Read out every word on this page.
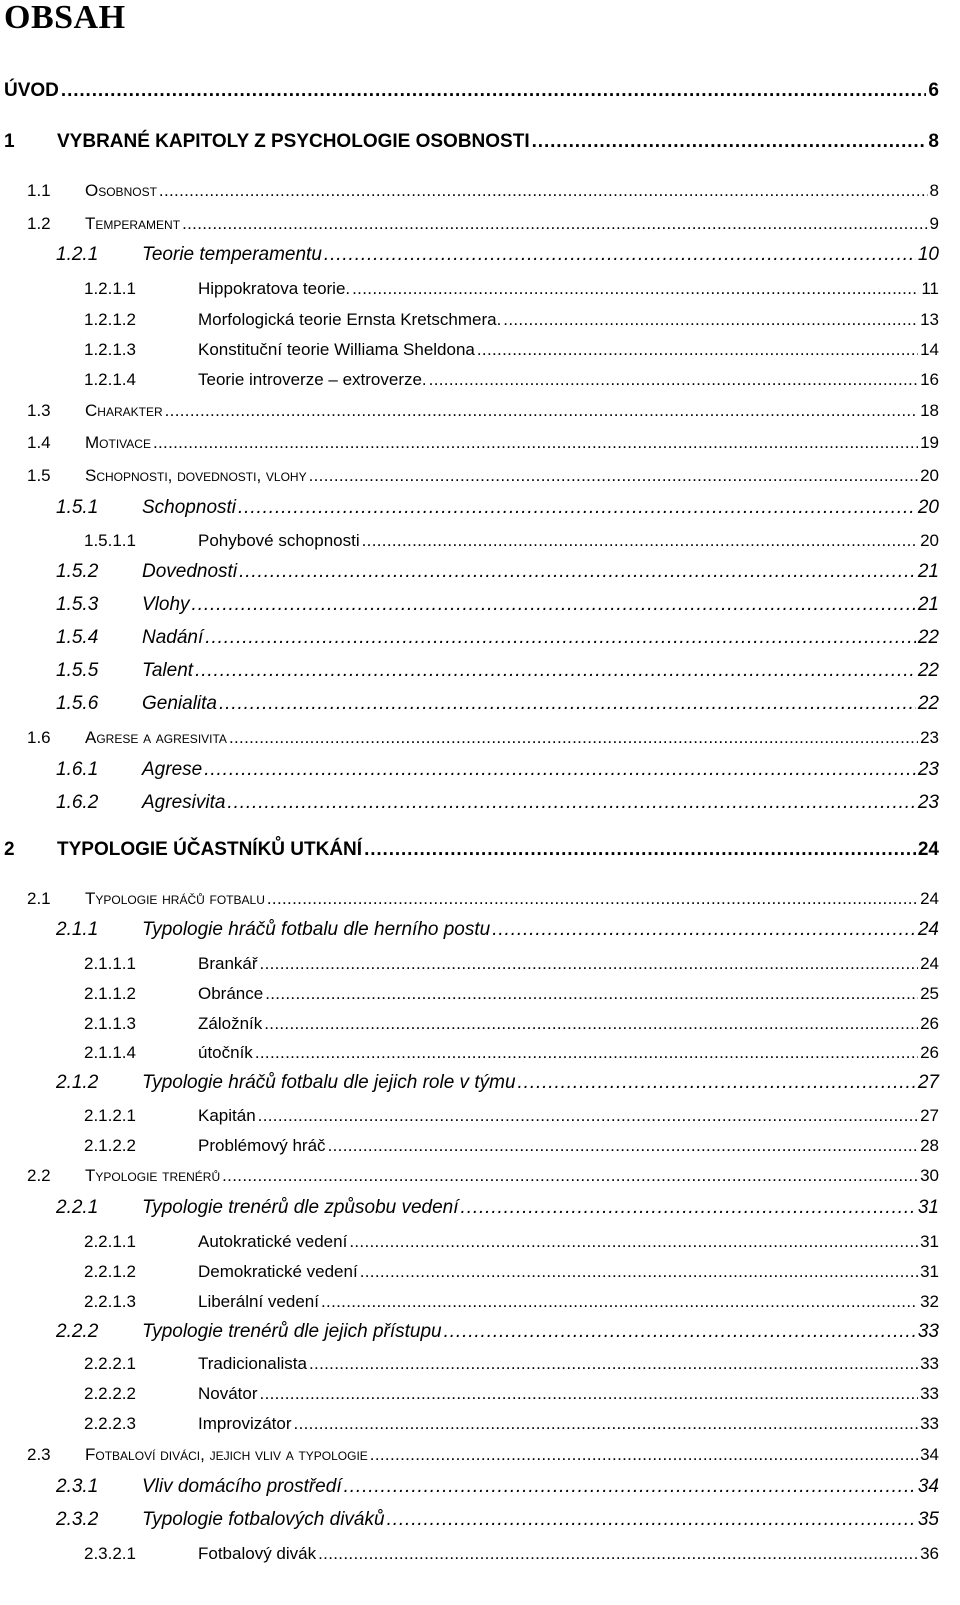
OBSAH
ÚVOD . . .	6
1	VYBRANÉ KAPITOLY Z PSYCHOLOGIE OSOBNOSTI . . .	8
1.1	Osobnost . . .	8
1.2	Temperament . . .	9
1.2.1	Teorie temperamentu . . .	10
1.2.1.1	Hippokratova teorie. . . .	11
1.2.1.2	Morfologická teorie Ernsta Kretschmera. . . .	13
1.2.1.3	Konstituční teorie Williama Sheldona . . .	14
1.2.1.4	Teorie introverze – extroverze. . . .	16
1.3	Charakter . . .	18
1.4	Motivace . . .	19
1.5	Schopnosti, dovednosti, vlohy . . .	20
1.5.1	Schopnosti . . .	20
1.5.1.1	Pohybové schopnosti . . .	20
1.5.2	Dovednosti . . .	21
1.5.3	Vlohy . . .	21
1.5.4	Nadání . . .	22
1.5.5	Talent . . .	22
1.5.6	Genialita . . .	22
1.6	Agrese a agresivita . . .	23
1.6.1	Agrese . . .	23
1.6.2	Agresivita . . .	23
2	TYPOLOGIE ÚČASTNÍKŮ UTKÁNÍ . . .	24
2.1	Typologie hráčů fotbalu . . .	24
2.1.1	Typologie hráčů fotbalu dle herního postu . . .	24
2.1.1.1	Brankář . . .	24
2.1.1.2	Obránce . . .	25
2.1.1.3	Záložník . . .	26
2.1.1.4	útočník . . .	26
2.1.2	Typologie hráčů fotbalu dle jejich role v týmu . . .	27
2.1.2.1	Kapitán . . .	27
2.1.2.2	Problémový hráč . . .	28
2.2	Typologie trenérů . . .	30
2.2.1	Typologie trenérů dle způsobu vedení . . .	31
2.2.1.1	Autokratické vedení . . .	31
2.2.1.2	Demokratické vedení . . .	31
2.2.1.3	Liberální vedení . . .	32
2.2.2	Typologie trenérů dle jejich přístupu . . .	33
2.2.2.1	Tradicionalista . . .	33
2.2.2.2	Novátor . . .	33
2.2.2.3	Improvizátor . . .	33
2.3	Fotbaloví diváci, jejich vliv a typologie . . .	34
2.3.1	Vliv domácího prostředí . . .	34
2.3.2	Typologie fotbalových diváků . . .	35
2.3.2.1	Fotbalový divák . . .	36
